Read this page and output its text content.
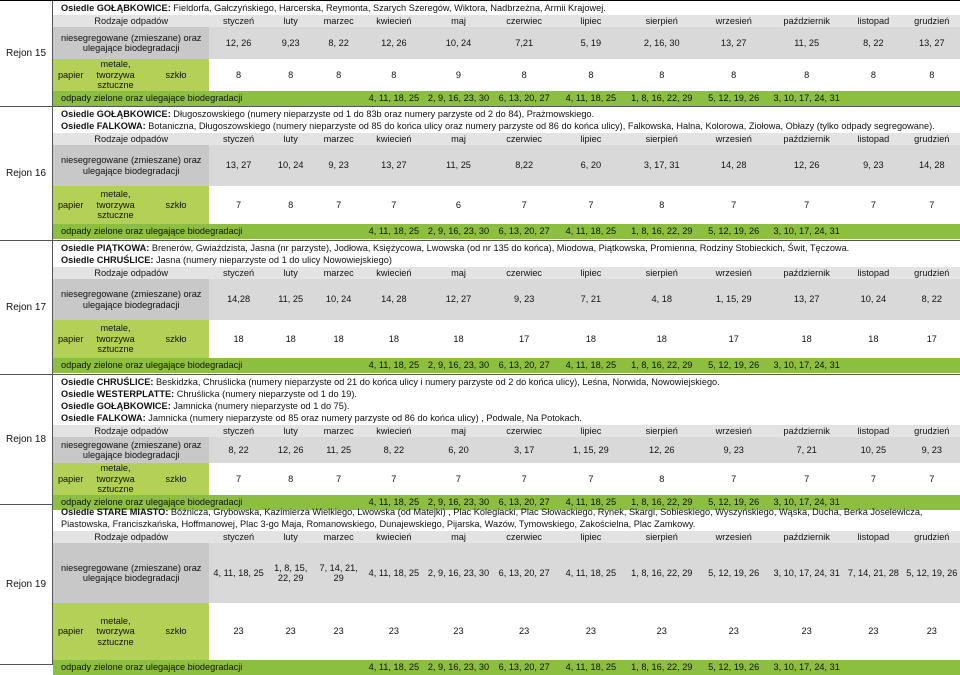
Rejon 15
Osiedle GOŁĄBKOWICE: Fieldorfa, Gałczyńskiego, Harcerska, Reymonta, Szarych Szeregów, Wiktora, Nadbrzeżna, Armii Krajowej.
Rodzaje odpadów			styczeń	luty	marzec	kwiecień	maj	czerwiec	lipiec	sierpień	wrzesień	październik	listopad	grudzień
niesegregowane (zmieszane) oraz ulegające biodegradacji			12, 26	9,23	8, 22	12, 26	10, 24	7,21	5, 19	2, 16, 30	13, 27	11, 25	8, 22	13, 27
papier	metale, tworzywa sztuczne	szkło	8	8	8	8	9	8	8	8	8	8	8	8
odpady zielone oraz ulegające biodegradacji						4, 11, 18, 25	2, 9, 16, 23, 30	6, 13, 20, 27	4, 11, 18, 25	1, 8, 16, 22, 29	5, 12, 19, 26	3, 10, 17, 24, 31		
Rejon 16
Osiedle GOŁĄBKOWICE: Długoszowskiego (numery nieparzyste od 1 do 83b oraz numery parzyste od 2 do 84), Prażmowskiego.
Osiedle FALKOWA: Botaniczna, Długoszowskiego (numery nieparzyste od 85 do końca ulicy oraz numery parzyste od 86 do końca ulicy), Falkowska, Halna, Kolorowa, Ziołowa, Obłazy (tylko odpady segregowane).
Rodzaje odpadów			styczeń	luty	marzec	kwiecień	maj	czerwiec	lipiec	sierpień	wrzesień	październik	listopad	grudzień
niesegregowane (zmieszane) oraz ulegające biodegradacji			13, 27	10, 24	9, 23	13, 27	11, 25	8,22	6, 20	3, 17, 31	14, 28	12, 26	9, 23	14, 28
papier	metale, tworzywa sztuczne	szkło	7	8	7	7	6	7	7	8	7	7	7	7
odpady zielone oraz ulegające biodegradacji						4, 11, 18, 25	2, 9, 16, 23, 30	6, 13, 20, 27	4, 11, 18, 25	1, 8, 16, 22, 29	5, 12, 19, 26	3, 10, 17, 24, 31		
Rejon 17
Osiedle PIĄTKOWA: Brenerów, Gwiaździsta, Jasna (nr parzyste), Jodłowa, Księżycowa, Lwowska (od nr 135 do końca), Miodowa, Piątkowska, Promienna, Rodziny Stobieckich, Świt, Tęczowa.
Osiedle CHRUŚLICE: Jasna (numery nieparzyste od 1 do ulicy Nowowiejskiego)
Rodzaje odpadów			styczeń	luty	marzec	kwiecień	maj	czerwiec	lipiec	sierpień	wrzesień	październik	listopad	grudzień
niesegregowane (zmieszane) oraz ulegające biodegradacji			14,28	11, 25	10, 24	14, 28	12, 27	9, 23	7, 21	4, 18	1, 15, 29	13, 27	10, 24	8, 22
papier	metale, tworzywa sztuczne	szkło	18	18	18	18	18	17	18	18	17	18	18	17
odpady zielone oraz ulegające biodegradacji						4, 11, 18, 25	2, 9, 16, 23, 30	6, 13, 20, 27	4, 11, 18, 25	1, 8, 16, 22, 29	5, 12, 19, 26	3, 10, 17, 24, 31		
Rejon 18
Osiedle CHRUŚLICE: Beskidzka, Chruślicka (numery nieparzyste od 21 do końca ulicy i numery parzyste od 2 do końca ulicy), Leśna, Norwida, Nowowiejskiego.
Osiedle WESTERPLATTE: Chruślicka (numery nieparzyste od 1 do 19).
Osiedle GOŁĄBKOWICE: Jamnicka (numery nieparzyste od 1 do 75).
Osiedle FALKOWA: Jamnicka (numery nieparzyste od 85 oraz numery parzyste od 86 do końca ulicy) , Podwale, Na Potokach.
Rodzaje odpadów			styczeń	luty	marzec	kwiecień	maj	czerwiec	lipiec	sierpień	wrzesień	październik	listopad	grudzień
niesegregowane (zmieszane) oraz ulegające biodegradacji			8, 22	12, 26	11, 25	8, 22	6, 20	3, 17	1, 15, 29	12, 26	9, 23	7, 21	10, 25	9, 23
papier	metale, tworzywa sztuczne	szkło	7	8	7	7	7	7	7	8	7	7	7	7
odpady zielone oraz ulegające biodegradacji						4, 11, 18, 25	2, 9, 16, 23, 30	6, 13, 20, 27	4, 11, 18, 25	1, 8, 16, 22, 29	5, 12, 19, 26	3, 10, 17, 24, 31		
Rejon 19
Osiedle STARE MIASTO: Bóżnicza, Grybowska, Kazimierza Wielkiego, Lwowska (od Matejki) , Plac Kolegiacki, Plac Słowackiego, Rynek, Skargi, Sobieskiego, Wyszyńskiego, Wąska, Ducha, Berka Joselewicza, Piastowska, Franciszkańska, Hoffmanowej, Plac 3-go Maja, Romanowskiego, Dunajewskiego, Pijarska, Wazów, Tymowskiego, Zakościelna, Plac Zamkowy.
Rodzaje odpadów			styczeń	luty	marzec	kwiecień	maj	czerwiec	lipiec	sierpień	wrzesień	październik	listopad	grudzień
niesegregowane (zmieszane) oraz ulegające biodegradacji			4, 11, 18, 25	1, 8, 15, 22, 29	7, 14, 21, 29	4, 11, 18, 25	2, 9, 16, 23, 30	6, 13, 20, 27	4, 11, 18, 25	1, 8, 16, 22, 29	5, 12, 19, 26	3, 10, 17, 24, 31	7, 14, 21, 28	5, 12, 19, 26
papier	metale, tworzywa sztuczne	szkło	23	23	23	23	23	23	23	23	23	23	23	23
odpady zielone oraz ulegające biodegradacji						4, 11, 18, 25	2, 9, 16, 23, 30	6, 13, 20, 27	4, 11, 18, 25	1, 8, 16, 22, 29	5, 12, 19, 26	3, 10, 17, 24, 31		
